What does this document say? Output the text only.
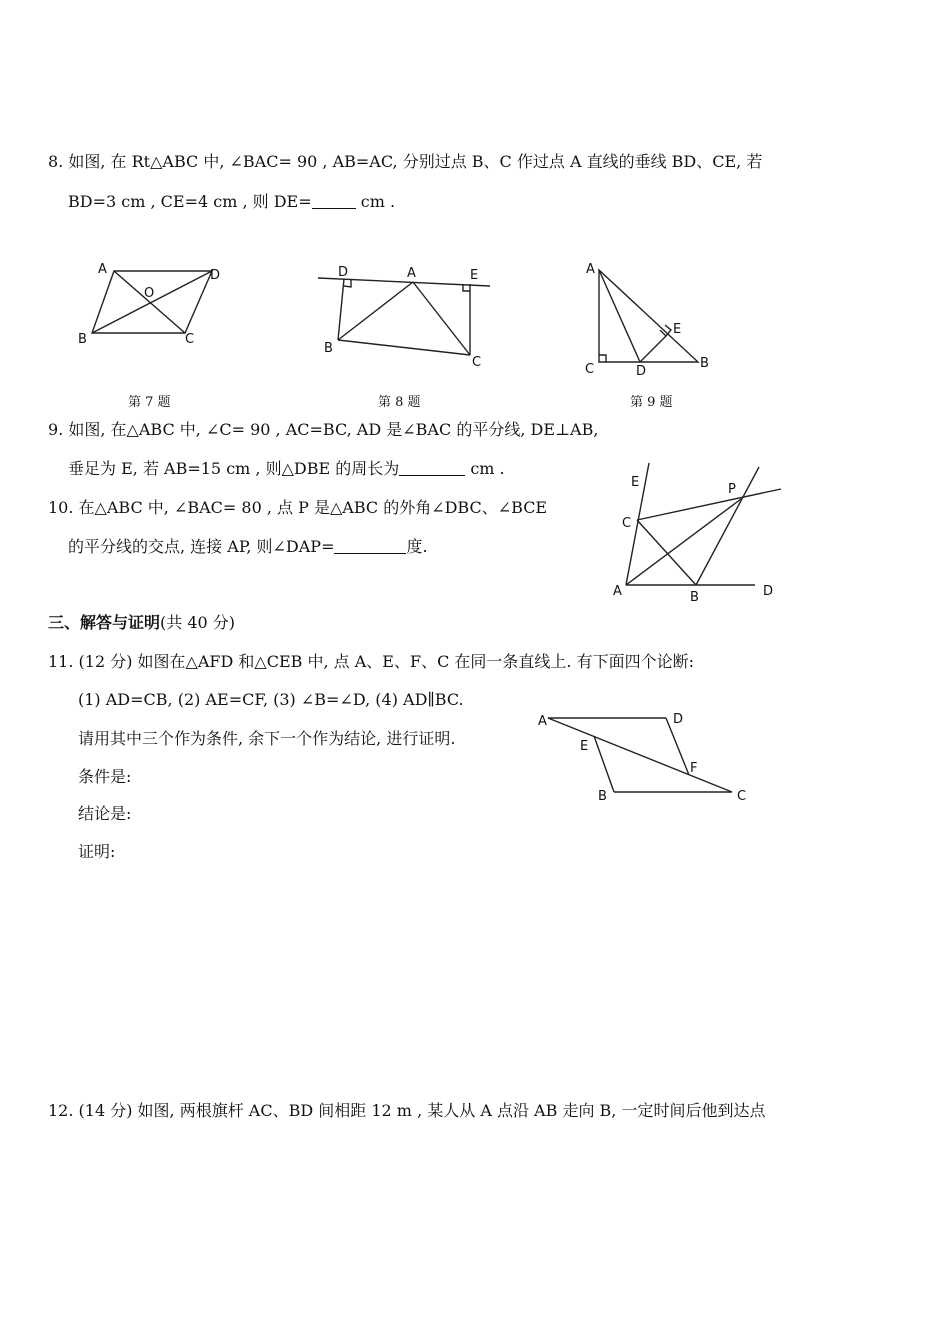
8. 如图, 在 Rt△ABC 中, ∠BAC= 90 , AB=AC, 分别过点 B、C 作过点 A 直线的垂线 BD、CE, 若
BD=3 cm , CE=4 cm , 则 DE=	cm .
A	D
O
B	C
第 7 题
D	A	E
B
C
第 8 题
A
E
C	D
B
第 9 题
9. 如图, 在△ABC 中, ∠C= 90 , AC=BC, AD 是∠BAC 的平分线, DE⊥AB,
垂足为 E, 若 AB=15 cm , 则△DBE 的周长为	cm .
10. 在△ABC 中, ∠BAC= 80 , 点 P 是△ABC 的外角∠DBC、∠BCE
的平分线的交点, 连接 AP, 则∠DAP=	度.
E	P
C
A	B	D
三、解答与证明(共 40 分)
11. (12 分) 如图在△AFD 和△CEB 中, 点 A、E、F、C 在同一条直线上. 有下面四个论断:
(1) AD=CB, (2) AE=CF, (3) ∠B=∠D, (4) AD∥BC.
请用其中三个作为条件, 余下一个作为结论, 进行证明.
条件是:
结论是:
证明:
A	D
E
F
B	C
12. (14 分) 如图, 两根旗杆 AC、BD 间相距 12 m , 某人从 A 点沿 AB 走向 B, 一定时间后他到达点
